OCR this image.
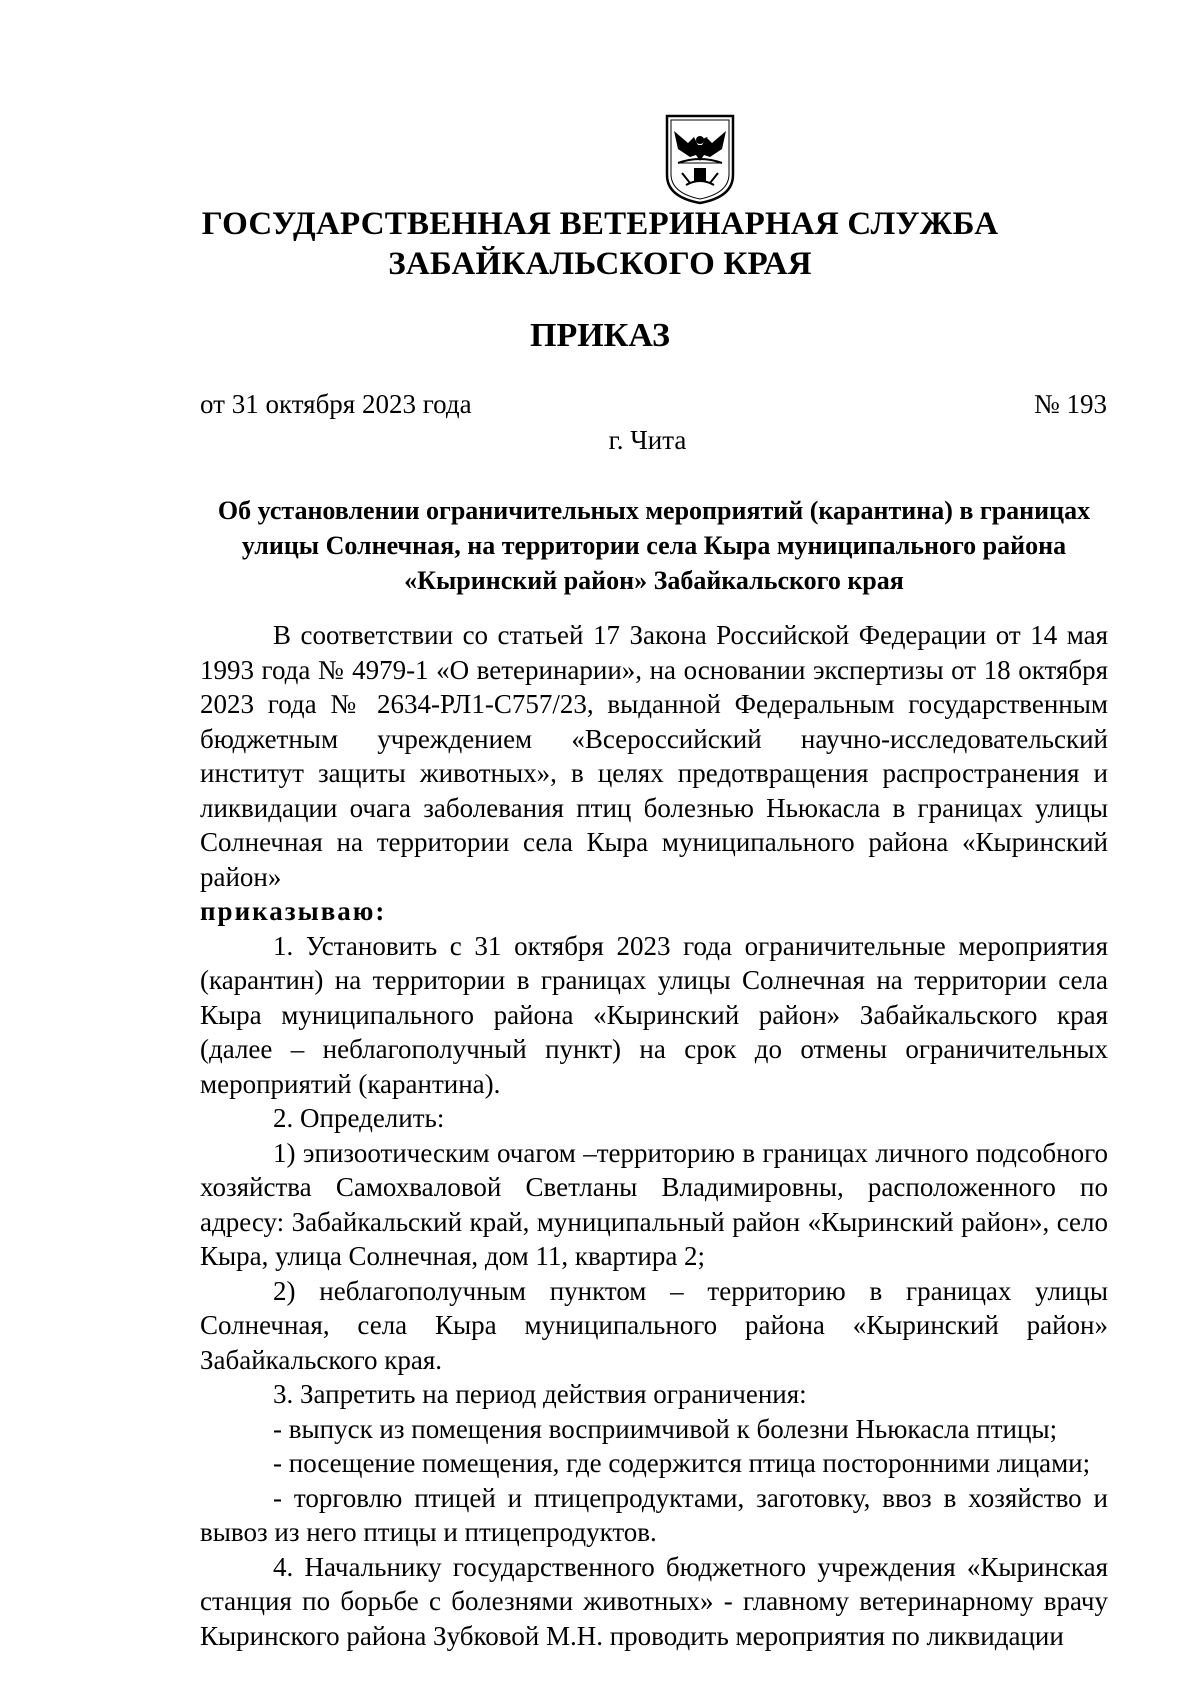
ГОСУДАРСТВЕННАЯ ВЕТЕРИНАРНАЯ СЛУЖБА
ЗАБАЙКАЛЬСКОГО КРАЯ
ПРИКАЗ
от 31 октября 2023 года	№ 193
г. Чита
Об установлении ограничительных мероприятий (карантина) в границах
улицы Солнечная, на территории села Кыра муниципального района
«Кыринский район» Забайкальского края

В соответствии со статьей 17 Закона Российской Федерации от 14 мая 1993 года № 4979-1 «О ветеринарии», на основании экспертизы от 18 октября 2023 года № 2634-РЛ1-С757/23, выданной Федеральным государственным бюджетным учреждением «Всероссийский научно-исследовательский институт защиты животных», в целях предотвращения распространения и ликвидации очага заболевания птиц болезнью Ньюкасла в границах улицы Солнечная на территории села Кыра муниципального района «Кыринский район»

приказываю:

1. Установить с 31 октября 2023 года ограничительные мероприятия (карантин) на территории в границах улицы Солнечная на территории села Кыра муниципального района «Кыринский район» Забайкальского края (далее – неблагополучный пункт) на срок до отмены ограничительных мероприятий (карантина).

2. Определить:

1) эпизоотическим очагом –территорию в границах личного подсобного хозяйства Самохваловой Светланы Владимировны, расположенного по адресу: Забайкальский край, муниципальный район «Кыринский район», село Кыра, улица Солнечная, дом 11, квартира 2;

2) неблагополучным пунктом – территорию в границах улицы Солнечная, села Кыра муниципального района «Кыринский район» Забайкальского края.

3. Запретить на период действия ограничения:

- выпуск из помещения восприимчивой к болезни Ньюкасла птицы;

- посещение помещения, где содержится птица посторонними лицами;

- торговлю птицей и птицепродуктами, заготовку, ввоз в хозяйство и вывоз из него птицы и птицепродуктов.

4. Начальнику государственного бюджетного учреждения «Кыринская станция по борьбе с болезнями животных» - главному ветеринарному врачу Кыринского района Зубковой М.Н. проводить мероприятия по ликвидации
